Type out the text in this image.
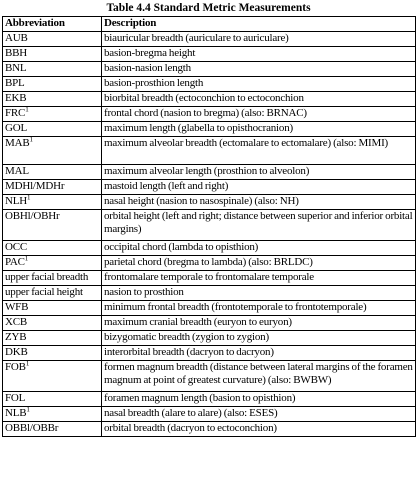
Table 4.4 Standard Metric Measurements
Abbreviation	Description
AUB	biauricular breadth (auriculare to auriculare)
BBH	basion-bregma height
BNL	basion-nasion length
BPL	basion-prosthion length
EKB	biorbital breadth (ectoconchion to ectoconchion
FRC$^1$	frontal chord (nasion to bregma) (also: BRNAC)
GOL	maximum length (glabella to opisthocranion)
MAB$^1$	maximum alveolar breadth (ectomalare to ectomalare) (also: MIMI)
MAL	maximum alveolar length (prosthion to alveolon)
MDHl/MDHr	mastoid length (left and right)
NLH$^1$	nasal height (nasion to nasospinale) (also: NH)
OBHl/OBHr	orbital height (left and right; distance between superior and inferior orbital margins)
OCC	occipital chord (lambda to opisthion)
PAC$^1$	parietal chord (bregma to lambda) (also: BRLDC)
upper facial breadth	frontomalare temporale to frontomalare temporale
upper facial height	nasion to prosthion
WFB	minimum frontal breadth (frontotemporale to frontotemporale)
XCB	maximum cranial breadth (euryon to euryon)
ZYB	bizygomatic breadth (zygion to zygion)
DKB	interorbital breadth (dacryon to dacryon)
FOB$^1$	formen magnum breadth (distance between lateral margins of the foramen magnum at point of greatest curvature) (also: BWBW)
FOL	foramen magnum length (basion to opisthion)
NLB$^1$	nasal breadth (alare to alare) (also: ESES)
OBBl/OBBr	orbital breadth (dacryon to ectoconchion)
